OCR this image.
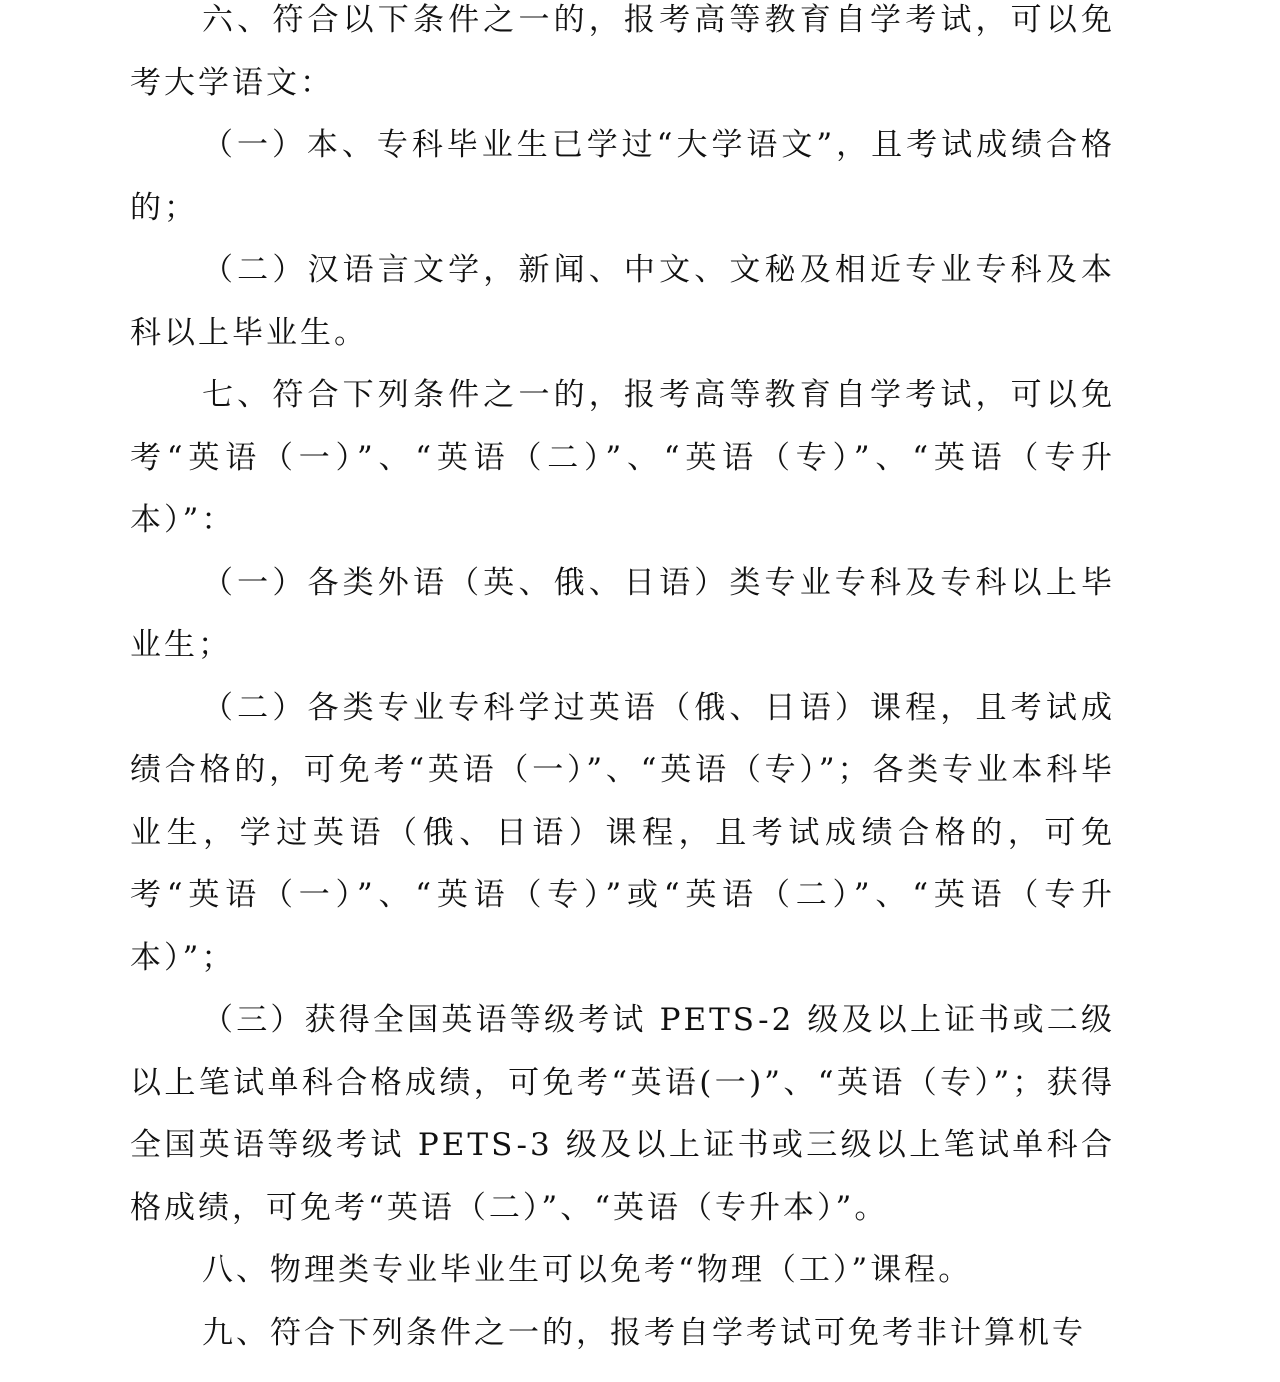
六、符合以下条件之一的，报考高等教育自学考试，可以免考大学语文：

（一）本、专科毕业生已学过“大学语文”，且考试成绩合格的；

（二）汉语言文学，新闻、中文、文秘及相近专业专科及本科以上毕业生。

七、符合下列条件之一的，报考高等教育自学考试，可以免考“英语（一）”、“英语（二）”、“英语（专）”、“英语（专升本）”：

（一）各类外语（英、俄、日语）类专业专科及专科以上毕业生；

（二）各类专业专科学过英语（俄、日语）课程，且考试成绩合格的，可免考“英语（一）”、“英语（专）”；各类专业本科毕业生，学过英语（俄、日语）课程，且考试成绩合格的，可免考“英语（一）”、“英语（专）”或“英语（二）”、“英语（专升本）”；

（三）获得全国英语等级考试 PETS-2 级及以上证书或二级以上笔试单科合格成绩，可免考“英语(一)”、“英语（专）”；获得全国英语等级考试 PETS-3 级及以上证书或三级以上笔试单科合格成绩，可免考“英语（二）”、“英语（专升本）”。

八、物理类专业毕业生可以免考“物理（工）”课程。

九、符合下列条件之一的，报考自学考试可免考非计算机专
